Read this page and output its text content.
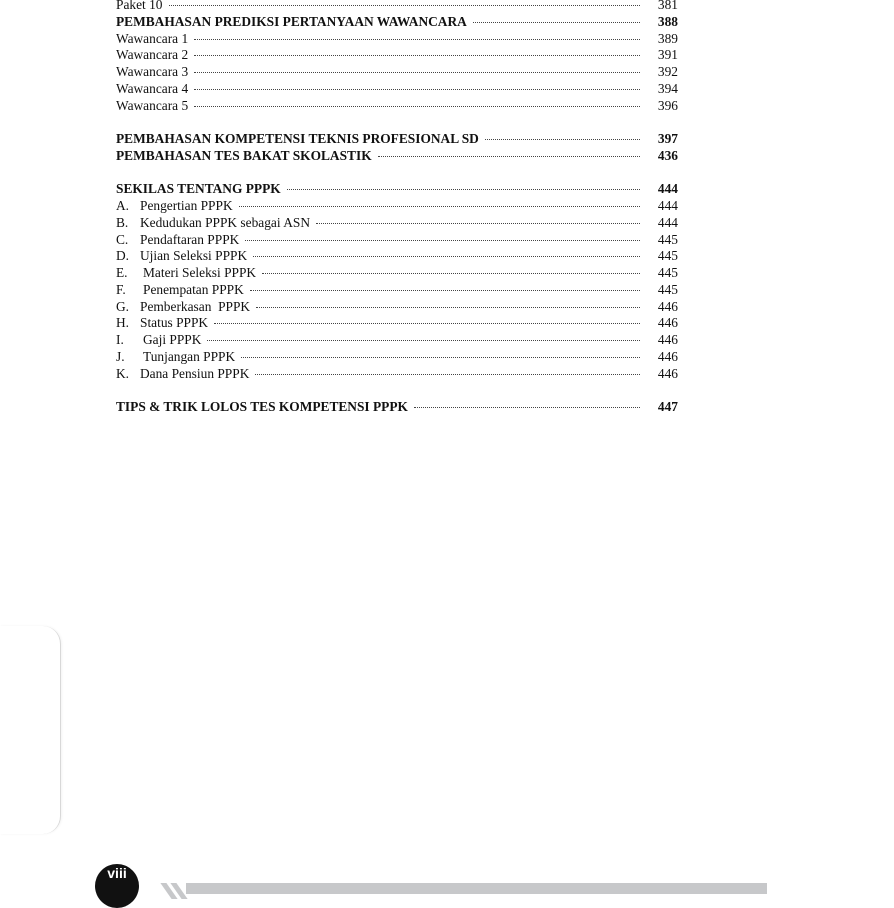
Paket 10	381
PEMBAHASAN PREDIKSI PERTANYAAN WAWANCARA	388
Wawancara 1	389
Wawancara 2	391
Wawancara 3	392
Wawancara 4	394
Wawancara 5	396
PEMBAHASAN KOMPETENSI TEKNIS PROFESIONAL SD	397
PEMBAHASAN TES BAKAT SKOLASTIK	436
SEKILAS TENTANG PPPK	444
A. Pengertian PPPK	444
B. Kedudukan PPPK sebagai ASN	444
C. Pendaftaran PPPK	445
D. Ujian Seleksi PPPK	445
E. Materi Seleksi PPPK	445
F. Penempatan PPPK	445
G. Pemberkasan  PPPK	446
H. Status PPPK	446
I. Gaji PPPK	446
J. Tunjangan PPPK	446
K. Dana Pensiun PPPK	446
TIPS & TRIK LOLOS TES KOMPETENSI PPPK	447
viii
